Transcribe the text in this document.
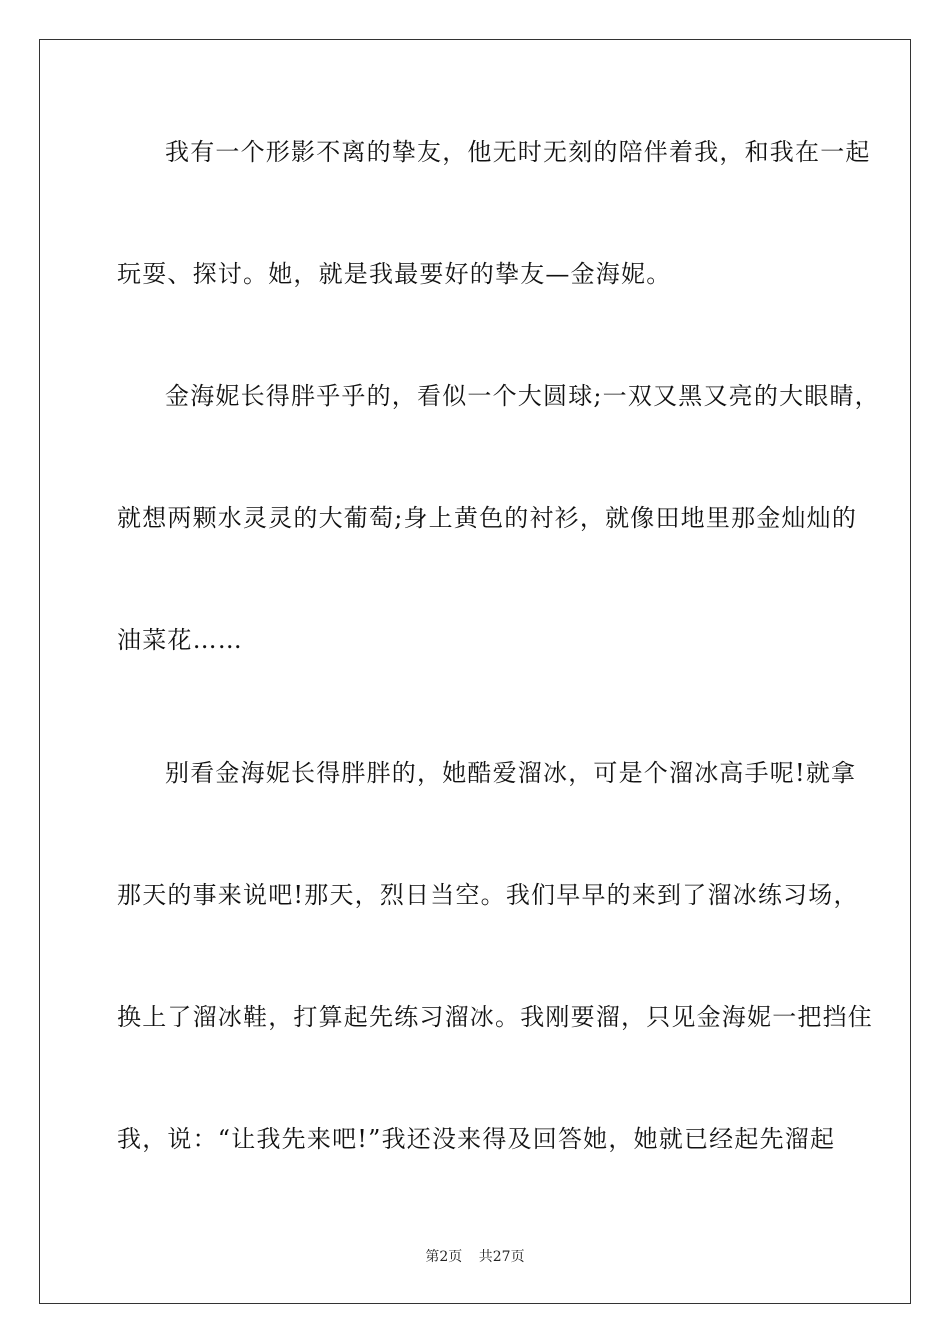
我有一个形影不离的挚友，他无时无刻的陪伴着我，和我在一起
玩耍、探讨。她，就是我最要好的挚友—金海妮。
金海妮长得胖乎乎的，看似一个大圆球;一双又黑又亮的大眼睛，
就想两颗水灵灵的大葡萄;身上黄色的衬衫，就像田地里那金灿灿的
油菜花……
别看金海妮长得胖胖的，她酷爱溜冰，可是个溜冰高手呢!就拿
那天的事来说吧!那天，烈日当空。我们早早的来到了溜冰练习场，
换上了溜冰鞋，打算起先练习溜冰。我刚要溜，只见金海妮一把挡住
我，说：“让我先来吧!”我还没来得及回答她，她就已经起先溜起
第2页 共27页
